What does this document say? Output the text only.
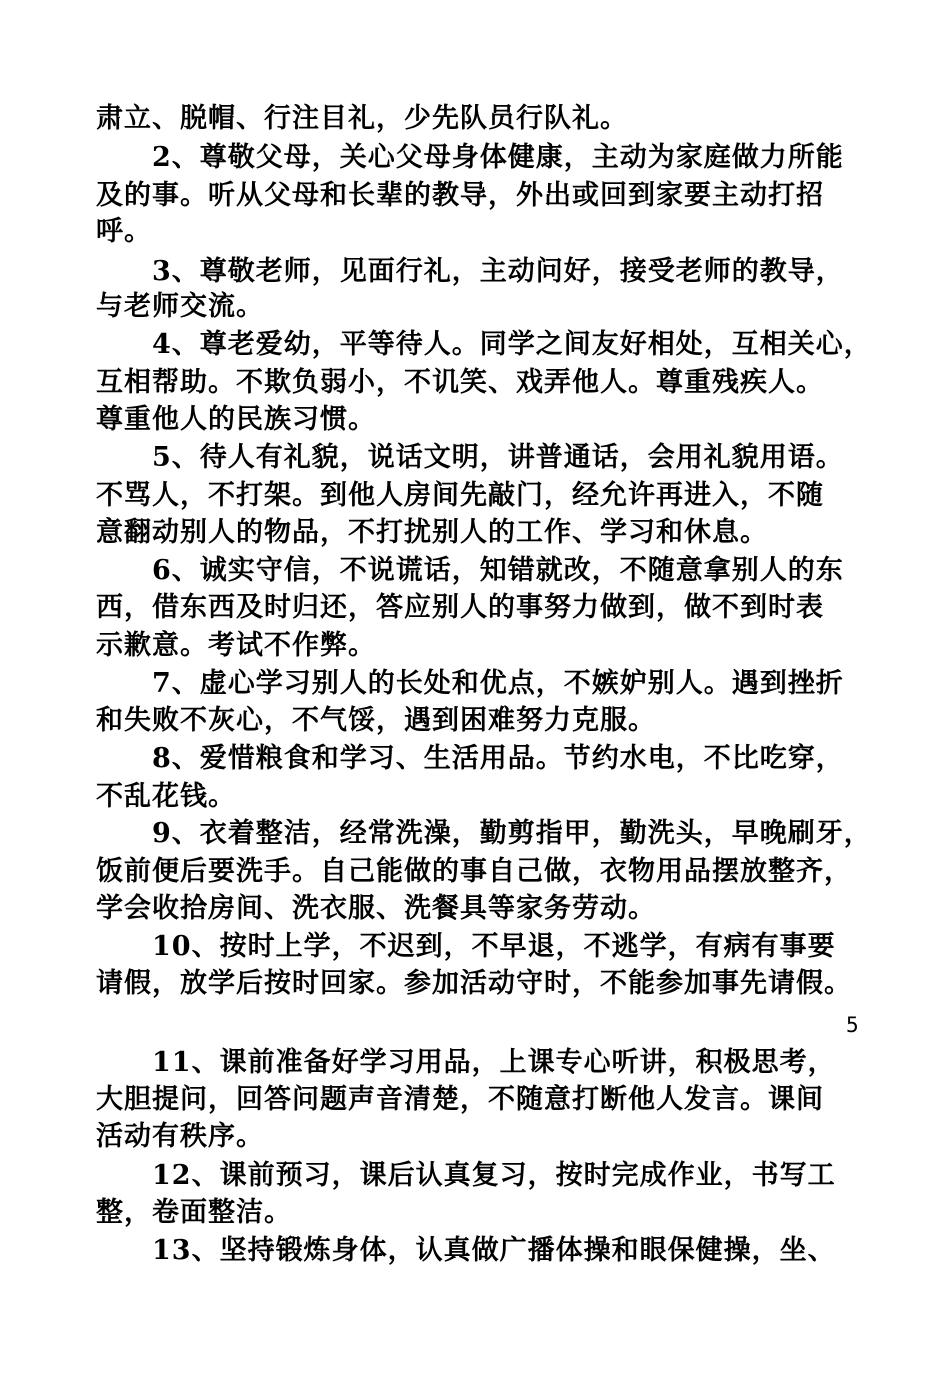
肃立、脱帽、行注目礼，少先队员行队礼。
2、尊敬父母，关心父母身体健康，主动为家庭做力所能
及的事。听从父母和长辈的教导，外出或回到家要主动打招
呼。
3、尊敬老师，见面行礼，主动问好，接受老师的教导，
与老师交流。
4、尊老爱幼，平等待人。同学之间友好相处，互相关心，
互相帮助。不欺负弱小，不讥笑、戏弄他人。尊重残疾人。
尊重他人的民族习惯。
5、待人有礼貌，说话文明，讲普通话，会用礼貌用语。
不骂人，不打架。到他人房间先敲门，经允许再进入，不随
意翻动别人的物品，不打扰别人的工作、学习和休息。
6、诚实守信，不说谎话，知错就改，不随意拿别人的东
西，借东西及时归还，答应别人的事努力做到，做不到时表
示歉意。考试不作弊。
7、虚心学习别人的长处和优点，不嫉妒别人。遇到挫折
和失败不灰心，不气馁，遇到困难努力克服。
8、爱惜粮食和学习、生活用品。节约水电，不比吃穿，
不乱花钱。
9、衣着整洁，经常洗澡，勤剪指甲，勤洗头，早晚刷牙，
饭前便后要洗手。自己能做的事自己做，衣物用品摆放整齐，
学会收拾房间、洗衣服、洗餐具等家务劳动。
10、按时上学，不迟到，不早退，不逃学，有病有事要
请假，放学后按时回家。参加活动守时，不能参加事先请假。
5
11、课前准备好学习用品，上课专心听讲，积极思考，
大胆提问，回答问题声音清楚，不随意打断他人发言。课间
活动有秩序。
12、课前预习，课后认真复习，按时完成作业，书写工
整，卷面整洁。
13、坚持锻炼身体，认真做广播体操和眼保健操，坐、
